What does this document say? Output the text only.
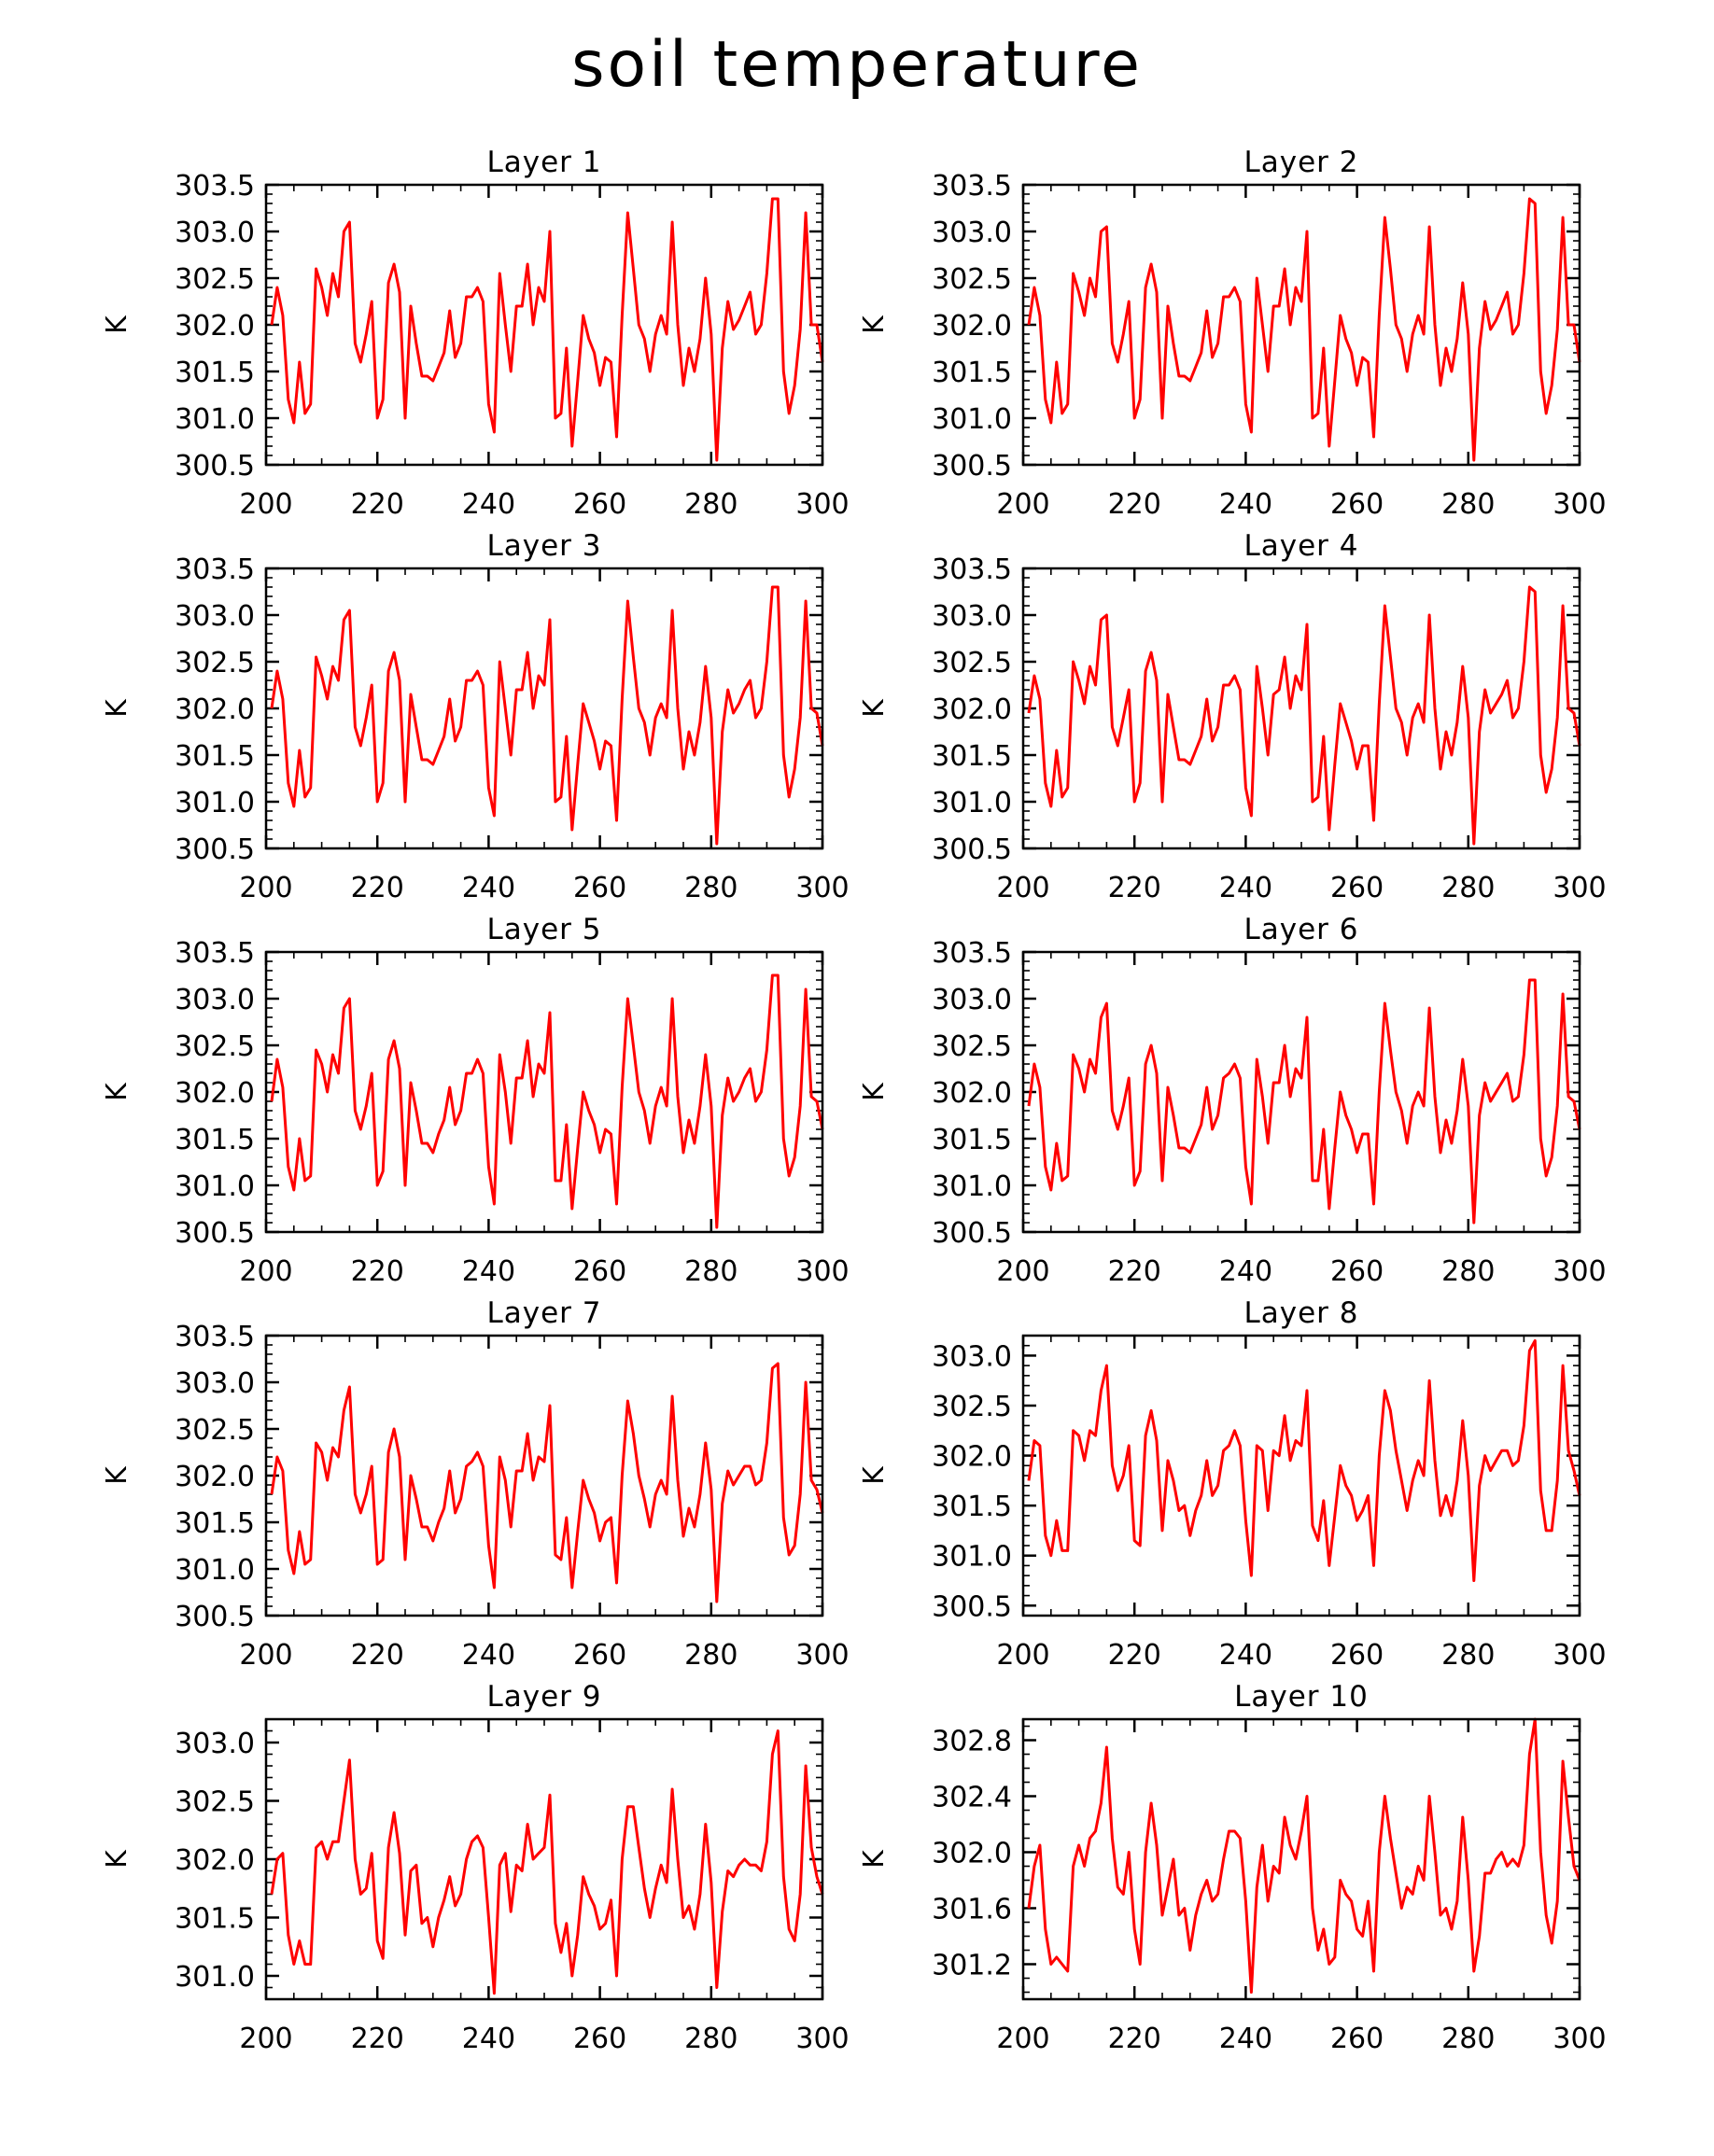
soil temperature
Layer 1
K
300.5
301.0
301.5
302.0
302.5
303.0
303.5
200 220 240 260 280 300
Layer 2
K
300.5
301.0
301.5
302.0
302.5
303.0
303.5
200 220 240 260 280 300
Layer 3
K
300.5
301.0
301.5
302.0
302.5
303.0
303.5
200 220 240 260 280 300
Layer 4
K
300.5
301.0
301.5
302.0
302.5
303.0
303.5
200 220 240 260 280 300
Layer 5
K
300.5
301.0
301.5
302.0
302.5
303.0
303.5
200 220 240 260 280 300
Layer 6
K
300.5
301.0
301.5
302.0
302.5
303.0
303.5
200 220 240 260 280 300
Layer 7
K
300.5
301.0
301.5
302.0
302.5
303.0
303.5
200 220 240 260 280 300
Layer 8
K
300.5
301.0
301.5
302.0
302.5
303.0
200 220 240 260 280 300
Layer 9
K
301.0
301.5
302.0
302.5
303.0
200 220 240 260 280 300
Layer 10
K
301.2
301.6
302.0
302.4
302.8
200 220 240 260 280 300
